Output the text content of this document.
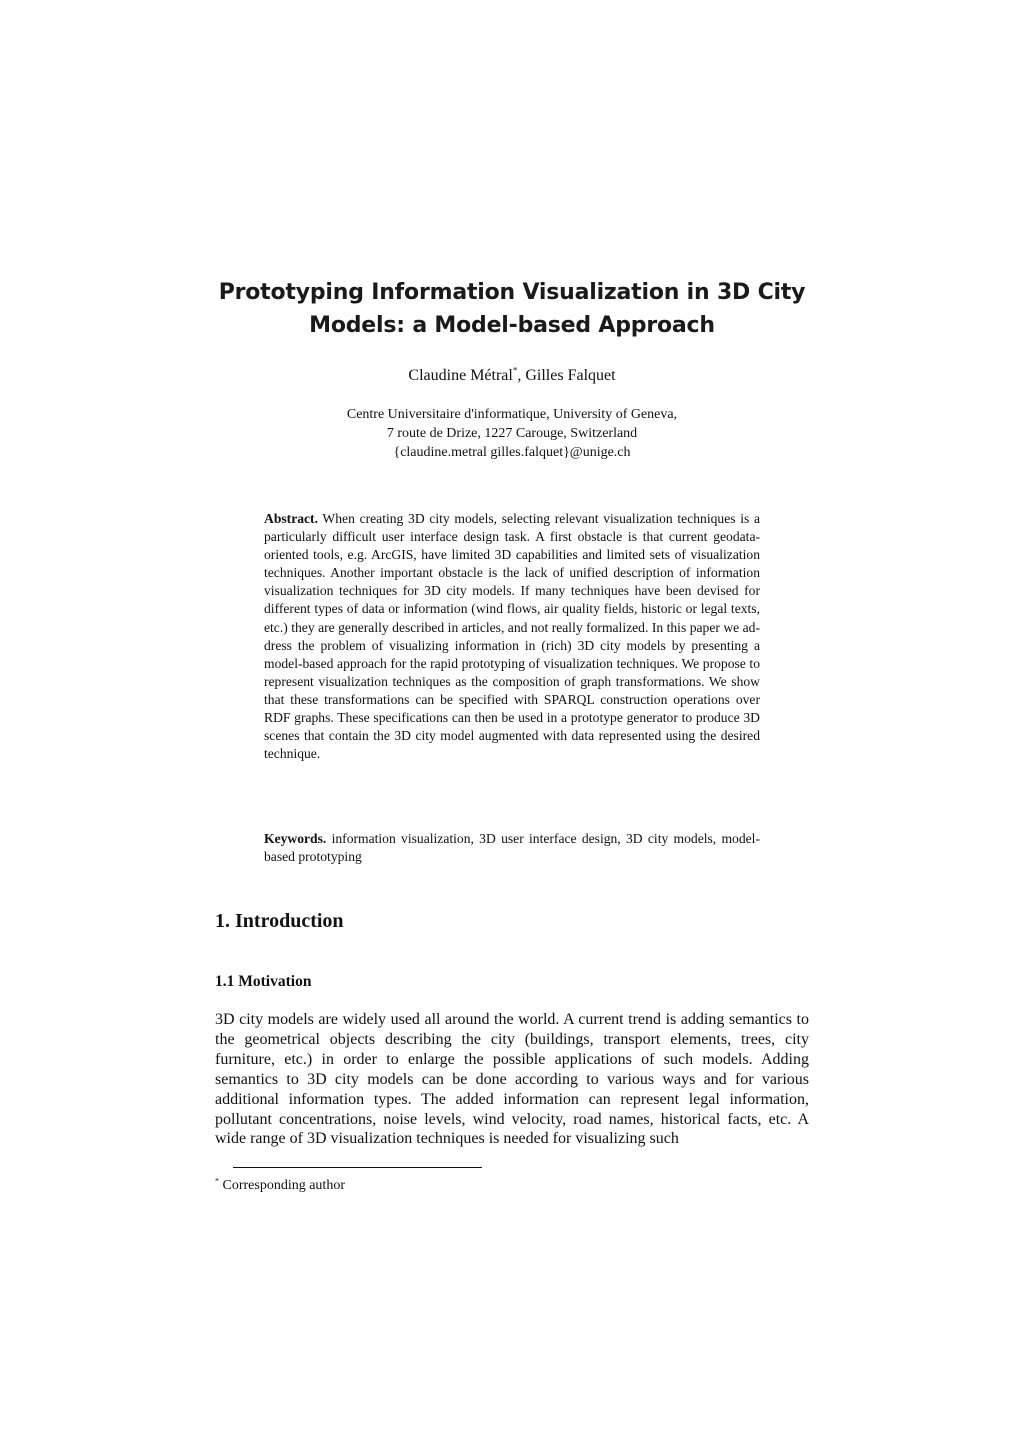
Prototyping Information Visualization in 3D City
Models: a Model-based Approach
Claudine Métral*, Gilles Falquet
Centre Universitaire d'informatique, University of Geneva,
7 route de Drize, 1227 Carouge, Switzerland
{claudine.metral gilles.falquet}@unige.ch

Abstract. When creating 3D city models, selecting relevant visualization techniques is a particularly difficult user interface design task. A first obstacle is that current geodata-oriented tools, e.g. ArcGIS, have limited 3D capabilities and limited sets of visualization techniques. Another important obstacle is the lack of unified description of information visualization techniques for 3D city models. If many techniques have been devised for different types of data or information (wind flows, air quality fields, historic or legal texts, etc.) they are generally described in articles, and not really formalized. In this paper we address the problem of visualizing information in (rich) 3D city models by presenting a model-based approach for the rapid prototyping of visualization techniques. We propose to represent visualization techniques as the composition of graph transformations. We show that these transformations can be specified with SPARQL construction operations over RDF graphs. These specifications can then be used in a prototype generator to produce 3D scenes that contain the 3D city model augmented with data represented using the desired technique.

Keywords. information visualization, 3D user interface design, 3D city models, model-based prototyping

1. Introduction
1.1 Motivation

3D city models are widely used all around the world. A current trend is adding semantics to the geometrical objects describing the city (buildings, transport elements, trees, city furniture, etc.) in order to enlarge the possible applications of such models. Adding semantics to 3D city models can be done according to various ways and for various additional information types. The added information can represent legal information, pollutant concentrations, noise levels, wind velocity, road names, historical facts, etc. A wide range of 3D visualization techniques is needed for visualizing such

* Corresponding author
